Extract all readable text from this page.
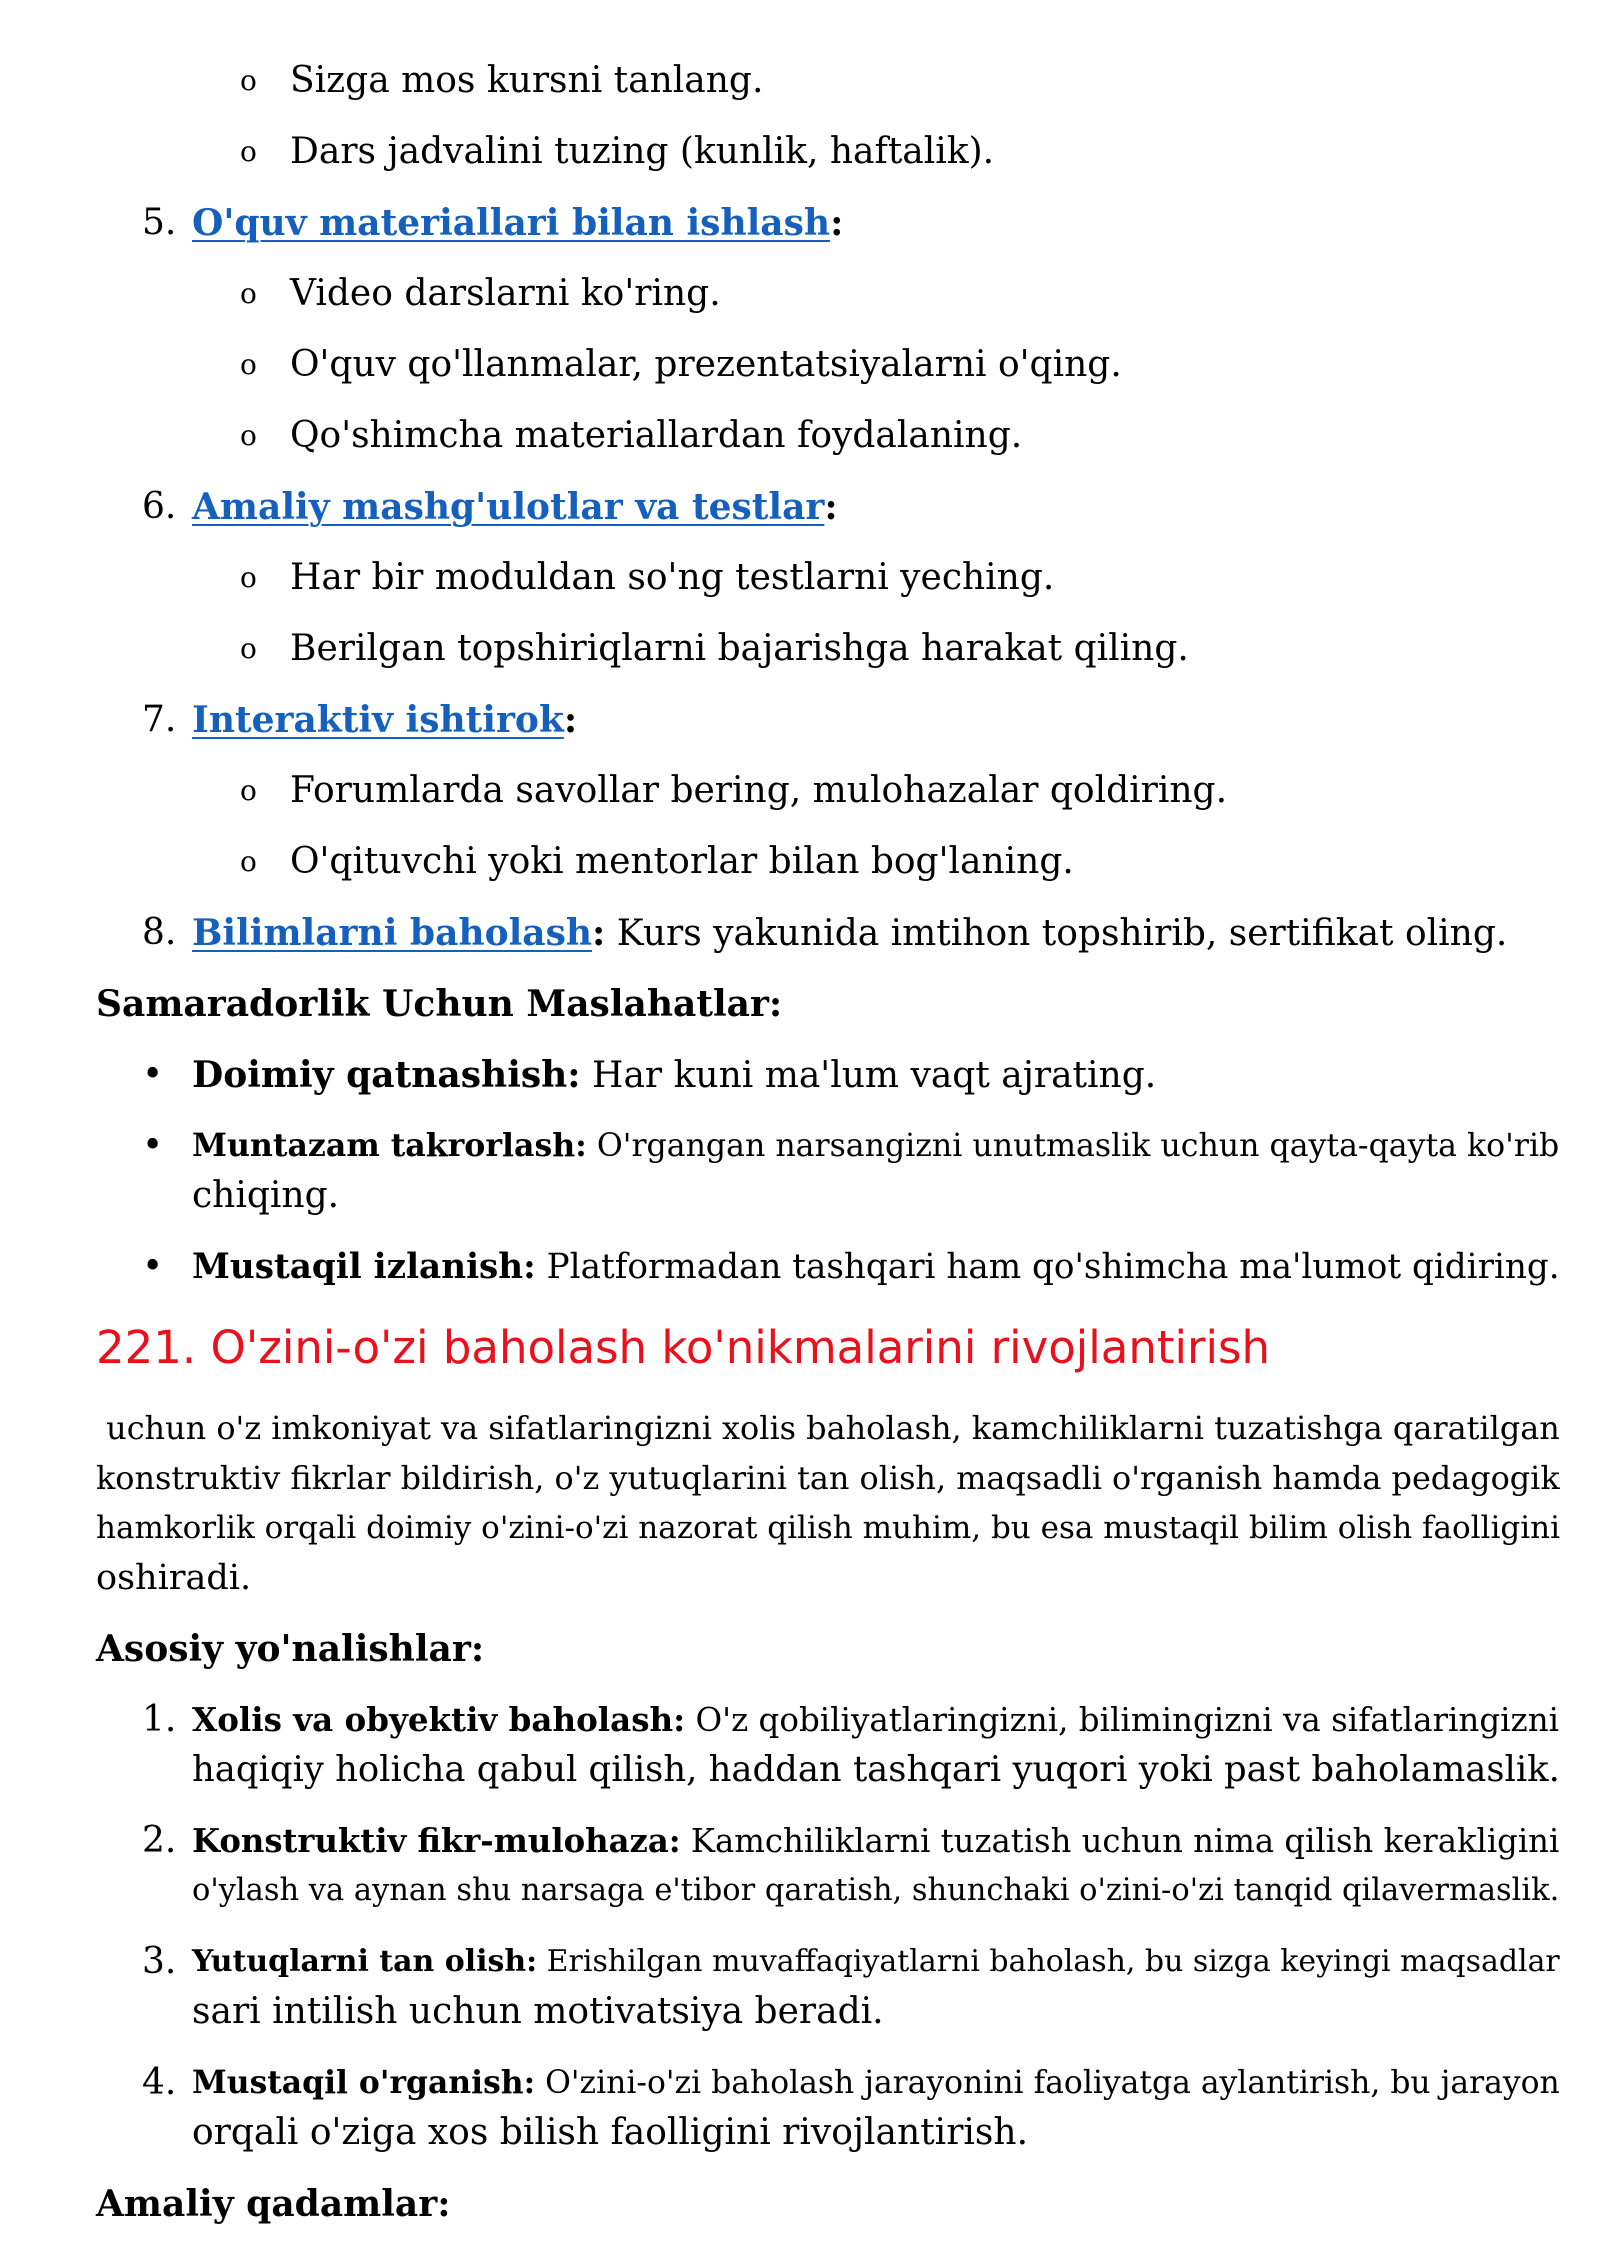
o Sizga mos kursni tanlang.
o Dars jadvalini tuzing (kunlik, haftalik).
5. O'quv materiallari bilan ishlash:
o Video darslarni ko'ring.
o O'quv qo'llanmalar, prezentatsiyalarni o'qing.
o Qo'shimcha materiallardan foydalaning.
6. Amaliy mashg'ulotlar va testlar:
o Har bir moduldan so'ng testlarni yeching.
o Berilgan topshiriqlarni bajarishga harakat qiling.
7. Interaktiv ishtirok:
o Forumlarda savollar bering, mulohazalar qoldiring.
o O'qituvchi yoki mentorlar bilan bog'laning.
8. Bilimlarni baholash: Kurs yakunida imtihon topshirib, sertifikat oling.
Samaradorlik Uchun Maslahatlar:
• Doimiy qatnashish: Har kuni ma'lum vaqt ajrating.
• Muntazam takrorlash: O'rgangan narsangizni unutmaslik uchun qayta-qayta ko'rib
chiqing.
• Mustaqil izlanish: Platformadan tashqari ham qo'shimcha ma'lumot qidiring.
221. O'zini-o'zi baholash ko'nikmalarini rivojlantirish
uchun o'z imkoniyat va sifatlaringizni xolis baholash, kamchiliklarni tuzatishga qaratilgan
konstruktiv fikrlar bildirish, o'z yutuqlarini tan olish, maqsadli o'rganish hamda pedagogik
hamkorlik orqali doimiy o'zini-o'zi nazorat qilish muhim, bu esa mustaqil bilim olish faolligini
oshiradi.
Asosiy yo'nalishlar:
1. Xolis va obyektiv baholash: O'z qobiliyatlaringizni, bilimingizni va sifatlaringizni
haqiqiy holicha qabul qilish, haddan tashqari yuqori yoki past baholamaslik.
2. Konstruktiv fikr-mulohaza: Kamchiliklarni tuzatish uchun nima qilish kerakligini
o'ylash va aynan shu narsaga e'tibor qaratish, shunchaki o'zini-o'zi tanqid qilavermaslik.
3. Yutuqlarni tan olish: Erishilgan muvaffaqiyatlarni baholash, bu sizga keyingi maqsadlar
sari intilish uchun motivatsiya beradi.
4. Mustaqil o'rganish: O'zini-o'zi baholash jarayonini faoliyatga aylantirish, bu jarayon
orqali o'ziga xos bilish faolligini rivojlantirish.
Amaliy qadamlar:
